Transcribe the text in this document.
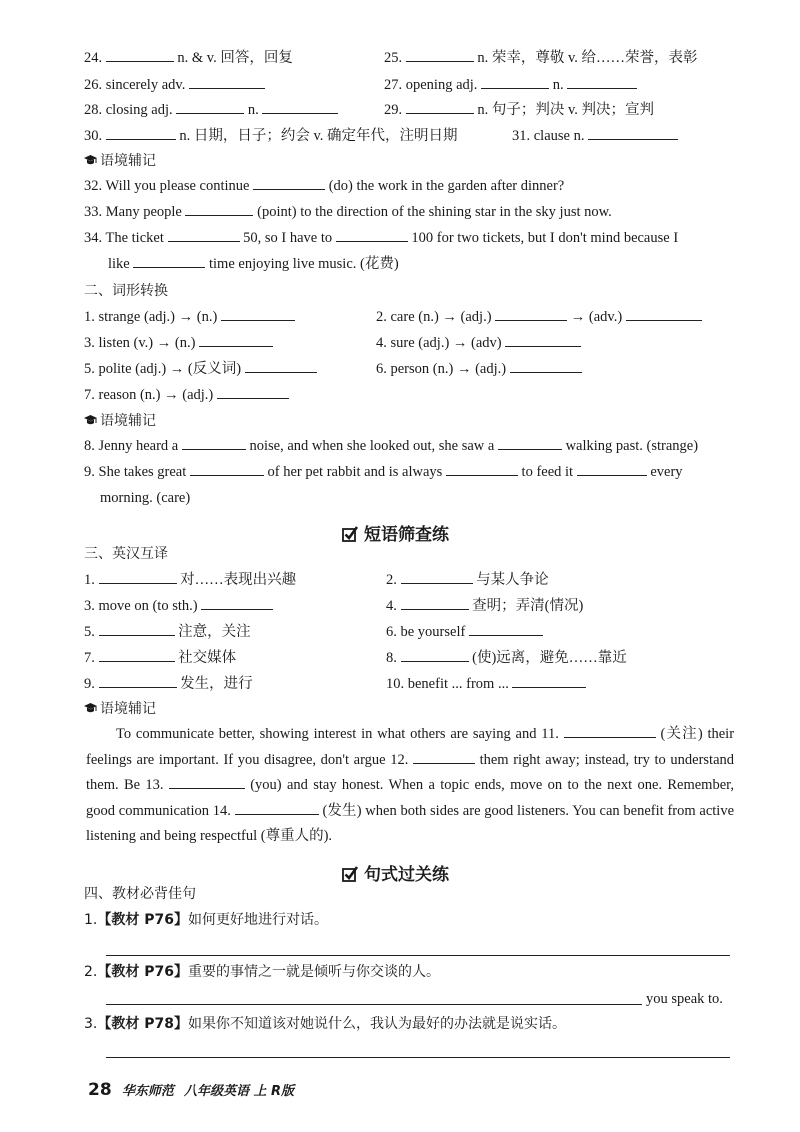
24.	n. & v. 回答，回复	25.	n. 荣幸，尊敬 v. 给……荣誉，表彰
26. sincerely adv.	27. opening adj.	n.
28. closing adj.	n.	29.	n. 句子；判决 v. 判决；宣判
30.	n. 日期，日子；约会 v. 确定年代，注明日期	31. clause n.
语境辅记
32. Will you please continue	(do) the work in the garden after dinner?
33. Many people	(point) to the direction of the shining star in the sky just now.
34. The ticket	50, so I have to	100 for two tickets, but I don't mind because I
like	time enjoying live music. (花费)
二、词形转换
1. strange (adj.) → (n.)	2. care (n.) → (adj.)	→ (adv.)
3. listen (v.) → (n.)	4. sure (adj.) → (adv)
5. polite (adj.) → (反义词)	6. person (n.) → (adj.)
7. reason (n.) → (adj.)
语境辅记
8. Jenny heard a	noise, and when she looked out, she saw a	walking past. (strange)
9. She takes great	of her pet rabbit and is always	to feed it	every
morning. (care)
短语筛查练
三、英汉互译
1.	对……表现出兴趣	2.	与某人争论
3. move on (to sth.)	4.	查明；弄清(情况)
5.	注意，关注	6. be yourself
7.	社交媒体	8.	(使)远离，避免……靠近
9.	发生，进行	10. benefit ... from ...
语境辅记
To communicate better, showing interest in what others are saying and 11.	(关注) their feelings are important. If you disagree, don't argue 12.	them right away; instead, try to understand them. Be 13.	(you) and stay honest. When a topic ends, move on to the next one. Remember, good communication 14.	(发生) when both sides are good listeners. You can benefit from active listening and being respectful (尊重人的).
句式过关练
四、教材必背佳句
1.【教材 P76】如何更好地进行对话。
2.【教材 P76】重要的事情之一就是倾听与你交谈的人。
you speak to.
3.【教材 P78】如果你不知道该对她说什么，我认为最好的办法就是说实话。
28 华东师范 八年级英语 上 R版
